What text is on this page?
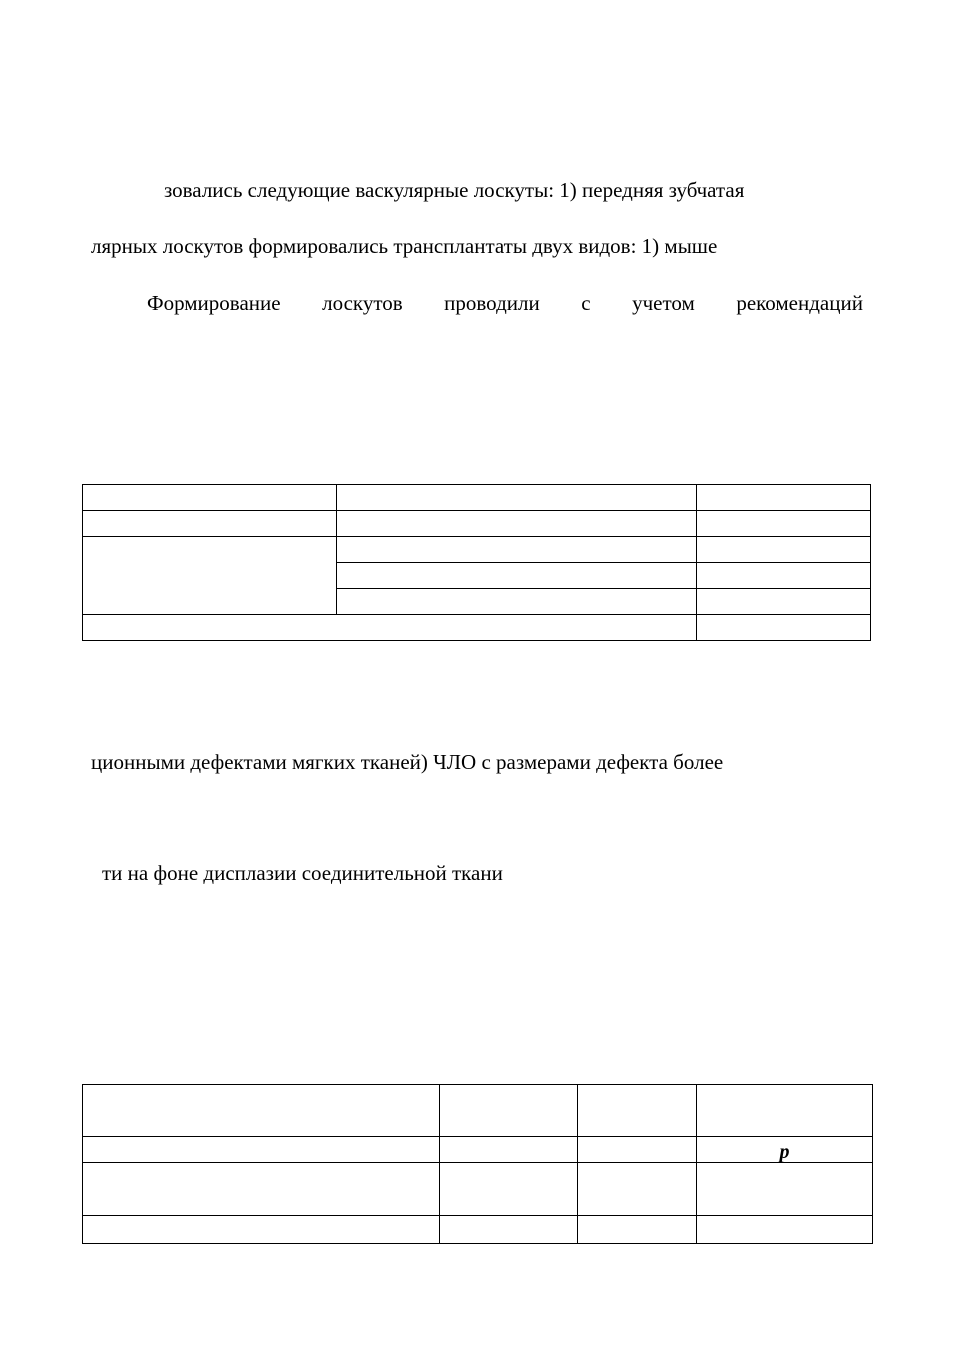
зовались следующие васкулярные лоскуты: 1) передняя зубчатая
лярных лоскутов формировались трансплантаты двух видов: 1) мыше
Формирование лоскутов проводили с учетом рекомендаций

ционными дефектами мягких тканей) ЧЛО с размерами дефекта более
ти на фоне дисплазии соединительной ткани

			p
